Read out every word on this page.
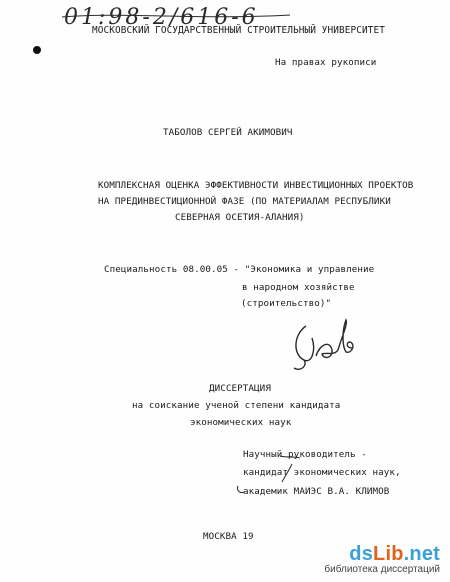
01:98-2/616-6
МОСКОВСКИЙ ГОСУДАРСТВЕННЫЙ СТРОИТЕЛЬНЫЙ УНИВЕРСИТЕТ
На правах рукописи
ТАБОЛОВ СЕРГЕЙ АКИМОВИЧ
КОМПЛЕКСНАЯ ОЦЕНКА ЭФФЕКТИВНОСТИ ИНВЕСТИЦИОННЫХ ПРОЕКТОВ
НА ПРЕДИНВЕСТИЦИОННОЙ ФАЗЕ (ПО МАТЕРИАЛАМ РЕСПУБЛИКИ
СЕВЕРНАЯ ОСЕТИЯ-АЛАНИЯ)
Специальность 08.00.05 - "Экономика и управление
в народном хозяйстве
(строительство)"
ДИССЕРТАЦИЯ
на соискание ученой степени кандидата
экономических наук
Научный руководитель -
кандидат экономических наук,
академик МАИЭС В.А. КЛИМОВ
МОСКВА 19
dsLib.net
библиотека диссертаций
